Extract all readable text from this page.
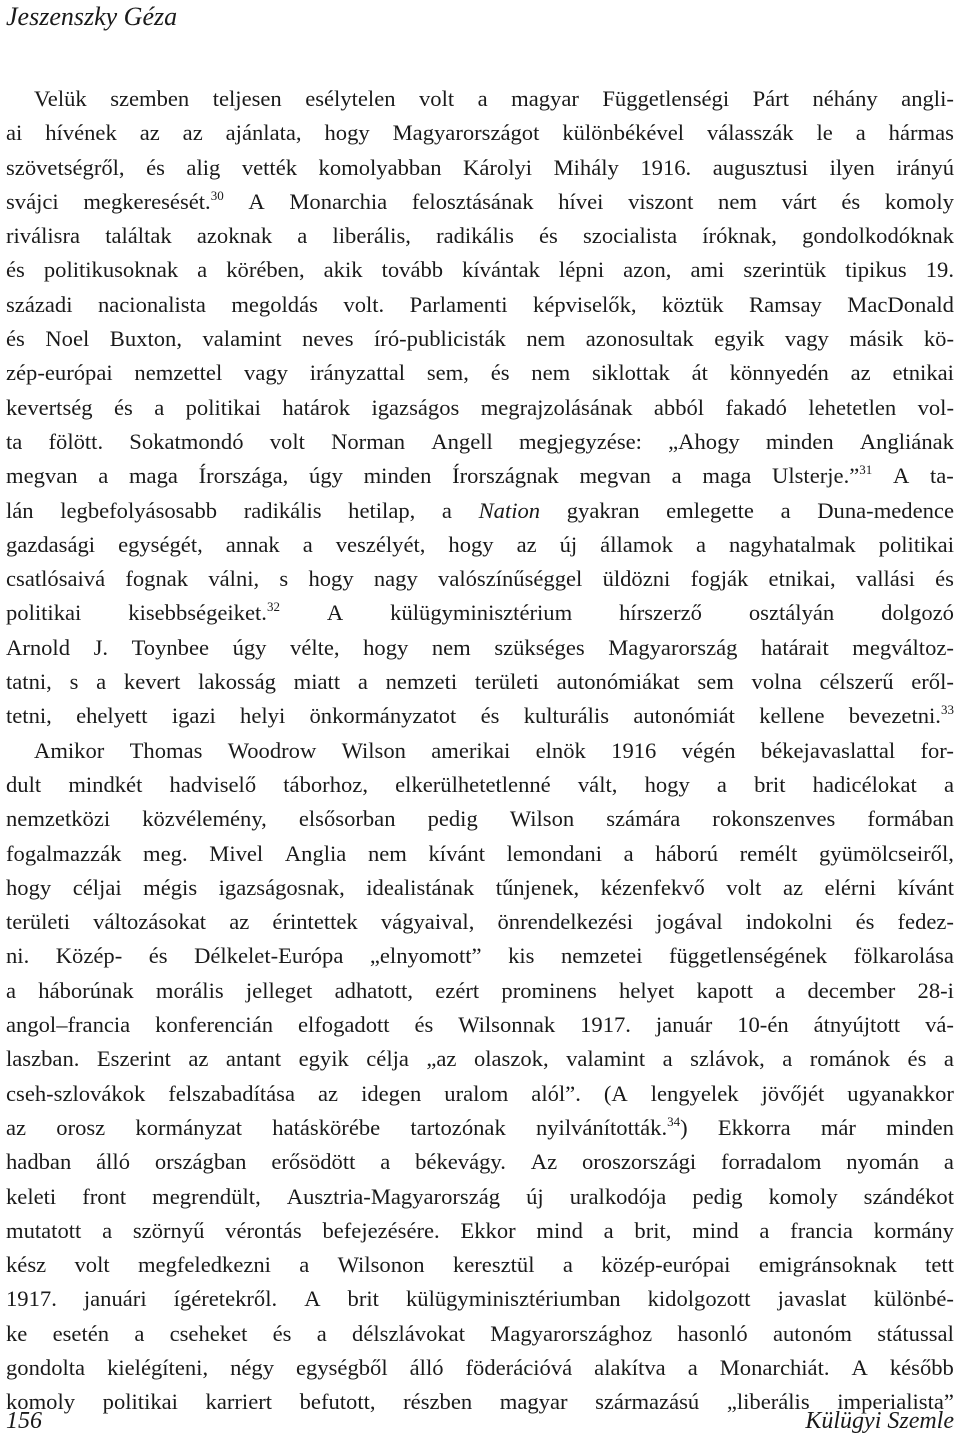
Jeszenszky Géza
Velük szemben teljesen esélytelen volt a magyar Függetlenségi Párt néhány angli-
ai hívének az az ajánlata, hogy Magyarországot különbékével válasszák le a hármas
szövetségről, és alig vették komolyabban Károlyi Mihály 1916. augusztusi ilyen irányú
svájci megkeresését.$^{30}$ A Monarchia felosztásának hívei viszont nem várt és komoly
riválisra találtak azoknak a liberális, radikális és szocialista íróknak, gondolkodóknak
és politikusoknak a körében, akik tovább kívántak lépni azon, ami szerintük tipikus 19.
századi nacionalista megoldás volt. Parlamenti képviselők, köztük Ramsay MacDonald
és Noel Buxton, valamint neves író-publicisták nem azonosultak egyik vagy másik kö-
zép-európai nemzettel vagy irányzattal sem, és nem siklottak át könnyedén az etnikai
kevertség és a politikai határok igazságos megrajzolásának abból fakadó lehetetlen vol-
ta fölött. Sokatmondó volt Norman Angell megjegyzése: „Ahogy minden Angliának
megvan a maga Írországa, úgy minden Írországnak megvan a maga Ulsterje.”$^{31}$ A ta-
lán legbefolyásosabb radikális hetilap, a Nation gyakran emlegette a Duna-medence
gazdasági egységét, annak a veszélyét, hogy az új államok a nagyhatalmak politikai
csatlósaivá fognak válni, s hogy nagy valószínűséggel üldözni fogják etnikai, vallási és
politikai kisebbségeiket.$^{32}$ A külügyminisztérium hírszerző osztályán dolgozó
Arnold J. Toynbee úgy vélte, hogy nem szükséges Magyarország határait megváltoz-
tatni, s a kevert lakosság miatt a nemzeti területi autonómiákat sem volna célszerű eről-
tetni, ehelyett igazi helyi önkormányzatot és kulturális autonómiát kellene bevezetni.$^{33}$
Amikor Thomas Woodrow Wilson amerikai elnök 1916 végén békejavaslattal for-
dult mindkét hadviselő táborhoz, elkerülhetetlenné vált, hogy a brit hadicélokat a
nemzetközi közvélemény, elsősorban pedig Wilson számára rokonszenves formában
fogalmazzák meg. Mivel Anglia nem kívánt lemondani a háború remélt gyümölcseiről,
hogy céljai mégis igazságosnak, idealistának tűnjenek, kézenfekvő volt az elérni kívánt
területi változásokat az érintettek vágyaival, önrendelkezési jogával indokolni és fedez-
ni. Közép- és Délkelet-Európa „elnyomott” kis nemzetei függetlenségének fölkarolása
a háborúnak morális jelleget adhatott, ezért prominens helyet kapott a december 28-i
angol–francia konferencián elfogadott és Wilsonnak 1917. január 10-én átnyújtott vá-
laszban. Eszerint az antant egyik célja „az olaszok, valamint a szlávok, a románok és a
cseh-szlovákok felszabadítása az idegen uralom alól”. (A lengyelek jövőjét ugyanakkor
az orosz kormányzat hatáskörébe tartozónak nyilvánították.$^{34}$) Ekkorra már minden
hadban álló országban erősödött a békevágy. Az oroszországi forradalom nyomán a
keleti front megrendült, Ausztria-Magyarország új uralkodója pedig komoly szándékot
mutatott a szörnyű vérontás befejezésére. Ekkor mind a brit, mind a francia kormány
kész volt megfeledkezni a Wilsonon keresztül a közép-európai emigránsoknak tett
1917. januári ígéretekről. A brit külügyminisztériumban kidolgozott javaslat különbé-
ke esetén a cseheket és a délszlávokat Magyarországhoz hasonló autonóm státussal
gondolta kielégíteni, négy egységből álló föderációvá alakítva a Monarchiát. A később
komoly politikai karriert befutott, részben magyar származású „liberális imperialista”
156	Külügyi Szemle
